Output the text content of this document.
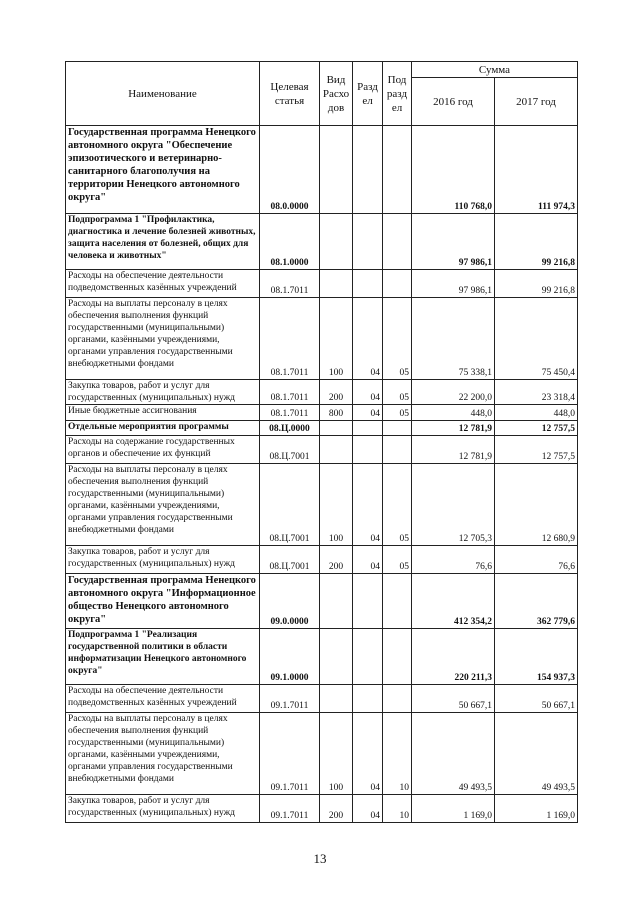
Наименование	Целевая статья	Вид Расхо дов	Разд ел	Под разд ел	Сумма	
					2016 год	2017 год
Государственная программа Ненецкого автономного округа "Обеспечение эпизоотического и ветеринарно-санитарного благополучия на территории Ненецкого автономного округа"	08.0.0000				110 768,0	111 974,3
Подпрограмма 1 "Профилактика, диагностика и лечение болезней животных, защита населения от болезней, общих для человека и животных"	08.1.0000				97 986,1	99 216,8
Расходы на обеспечение деятельности подведомственных казённых учреждений	08.1.7011				97 986,1	99 216,8
Расходы на выплаты персоналу в целях обеспечения выполнения функций государственными (муниципальными) органами, казёнными учреждениями, органами управления государственными внебюджетными фондами	08.1.7011	100	04	05	75 338,1	75 450,4
Закупка товаров, работ и услуг для государственных (муниципальных) нужд	08.1.7011	200	04	05	22 200,0	23 318,4
Иные бюджетные ассигнования	08.1.7011	800	04	05	448,0	448,0
Отдельные мероприятия программы	08.Ц.0000				12 781,9	12 757,5
Расходы на содержание государственных органов и обеспечение их функций	08.Ц.7001				12 781,9	12 757,5
Расходы на выплаты персоналу в целях обеспечения выполнения функций государственными (муниципальными) органами, казёнными учреждениями, органами управления государственными внебюджетными фондами	08.Ц.7001	100	04	05	12 705,3	12 680,9
Закупка товаров, работ и услуг для государственных (муниципальных) нужд	08.Ц.7001	200	04	05	76,6	76,6
Государственная программа Ненецкого автономного округа "Информационное общество Ненецкого автономного округа"	09.0.0000				412 354,2	362 779,6
Подпрограмма 1 "Реализация государственной политики в области информатизации Ненецкого автономного округа"	09.1.0000				220 211,3	154 937,3
Расходы на обеспечение деятельности подведомственных казённых учреждений	09.1.7011				50 667,1	50 667,1
Расходы на выплаты персоналу в целях обеспечения выполнения функций государственными (муниципальными) органами, казёнными учреждениями, органами управления государственными внебюджетными фондами	09.1.7011	100	04	10	49 493,5	49 493,5
Закупка товаров, работ и услуг для государственных (муниципальных) нужд	09.1.7011	200	04	10	1 169,0	1 169,0
13
